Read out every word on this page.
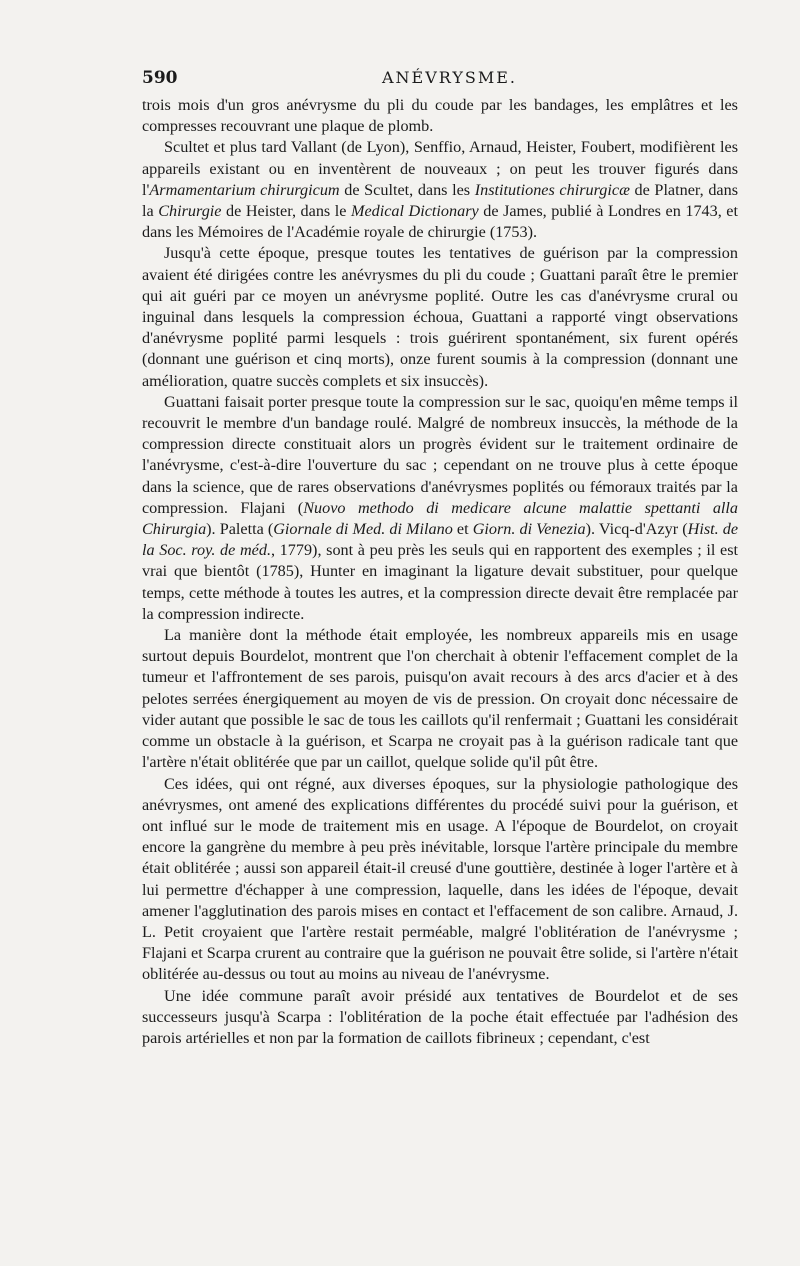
590	ANÉVRYSME.

trois mois d'un gros anévrysme du pli du coude par les bandages, les emplâtres et les compresses recouvrant une plaque de plomb.

Scultet et plus tard Vallant (de Lyon), Senffio, Arnaud, Heister, Foubert, modifièrent les appareils existant ou en inventèrent de nouveaux ; on peut les trouver figurés dans l'Armamentarium chirurgicum de Scultet, dans les Institutiones chirurgicæ de Platner, dans la Chirurgie de Heister, dans le Medical Dictionary de James, publié à Londres en 1743, et dans les Mémoires de l'Académie royale de chirurgie (1753).

Jusqu'à cette époque, presque toutes les tentatives de guérison par la compression avaient été dirigées contre les anévrysmes du pli du coude ; Guattani paraît être le premier qui ait guéri par ce moyen un anévrysme poplité. Outre les cas d'anévrysme crural ou inguinal dans lesquels la compression échoua, Guattani a rapporté vingt observations d'anévrysme poplité parmi lesquels : trois guérirent spontanément, six furent opérés (donnant une guérison et cinq morts), onze furent soumis à la compression (donnant une amélioration, quatre succès complets et six insuccès).

Guattani faisait porter presque toute la compression sur le sac, quoiqu'en même temps il recouvrit le membre d'un bandage roulé. Malgré de nombreux insuccès, la méthode de la compression directe constituait alors un progrès évident sur le traitement ordinaire de l'anévrysme, c'est-à-dire l'ouverture du sac ; cependant on ne trouve plus à cette époque dans la science, que de rares observations d'anévrysmes poplités ou fémoraux traités par la compression. Flajani (Nuovo methodo di medicare alcune malattie spettanti alla Chirurgia). Paletta (Giornale di Med. di Milano et Giorn. di Venezia). Vicq-d'Azyr (Hist. de la Soc. roy. de méd., 1779), sont à peu près les seuls qui en rapportent des exemples ; il est vrai que bientôt (1785), Hunter en imaginant la ligature devait substituer, pour quelque temps, cette méthode à toutes les autres, et la compression directe devait être remplacée par la compression indirecte.

La manière dont la méthode était employée, les nombreux appareils mis en usage surtout depuis Bourdelot, montrent que l'on cherchait à obtenir l'effacement complet de la tumeur et l'affrontement de ses parois, puisqu'on avait recours à des arcs d'acier et à des pelotes serrées énergiquement au moyen de vis de pression. On croyait donc nécessaire de vider autant que possible le sac de tous les caillots qu'il renfermait ; Guattani les considérait comme un obstacle à la guérison, et Scarpa ne croyait pas à la guérison radicale tant que l'artère n'était oblitérée que par un caillot, quelque solide qu'il pût être.

Ces idées, qui ont régné, aux diverses époques, sur la physiologie pathologique des anévrysmes, ont amené des explications différentes du procédé suivi pour la guérison, et ont influé sur le mode de traitement mis en usage. A l'époque de Bourdelot, on croyait encore la gangrène du membre à peu près inévitable, lorsque l'artère principale du membre était oblitérée ; aussi son appareil était-il creusé d'une gouttière, destinée à loger l'artère et à lui permettre d'échapper à une compression, laquelle, dans les idées de l'époque, devait amener l'agglutination des parois mises en contact et l'effacement de son calibre. Arnaud, J. L. Petit croyaient que l'artère restait perméable, malgré l'oblitération de l'anévrysme ; Flajani et Scarpa crurent au contraire que la guérison ne pouvait être solide, si l'artère n'était oblitérée au-dessus ou tout au moins au niveau de l'anévrysme.

Une idée commune paraît avoir présidé aux tentatives de Bourdelot et de ses successeurs jusqu'à Scarpa : l'oblitération de la poche était effectuée par l'adhésion des parois artérielles et non par la formation de caillots fibrineux ; cependant, c'est
